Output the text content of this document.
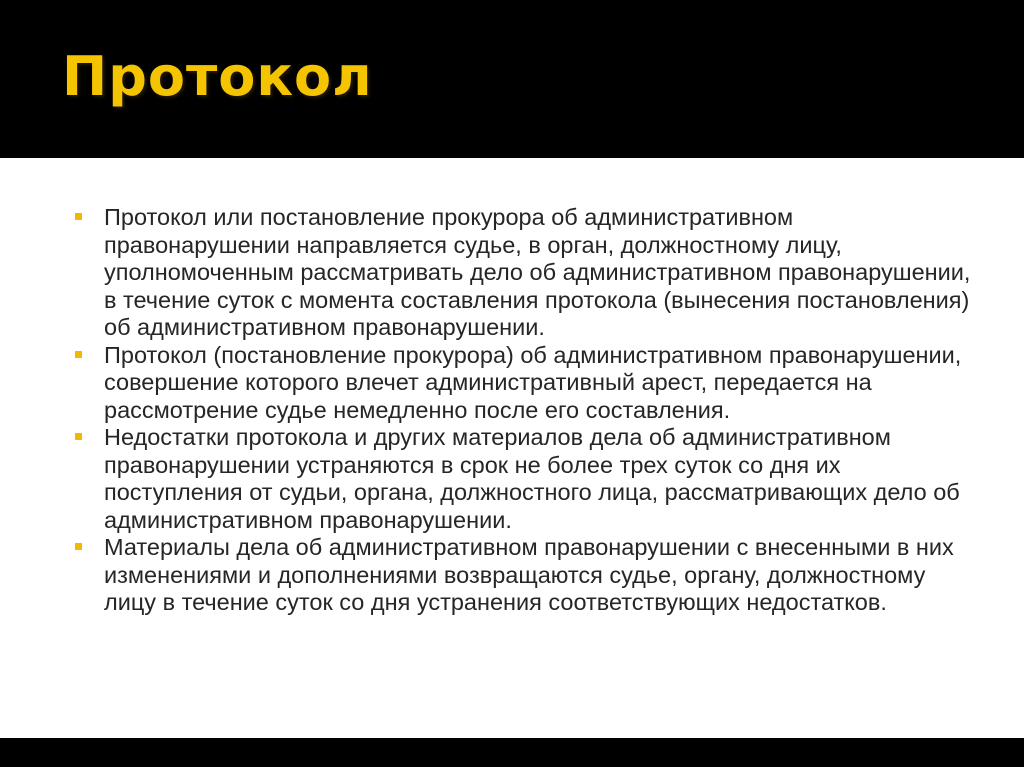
Протокол
Протокол или постановление прокурора об административном правонарушении направляется судье, в орган, должностному лицу, уполномоченным рассматривать дело об административном правонарушении, в течение суток с момента составления протокола (вынесения постановления) об административном правонарушении.
Протокол (постановление прокурора) об административном правонарушении, совершение которого влечет административный арест, передается на рассмотрение судье немедленно после его составления.
Недостатки протокола и других материалов дела об административном правонарушении устраняются в срок не более трех суток со дня их поступления от судьи, органа, должностного лица, рассматривающих дело об административном правонарушении.
Материалы дела об административном правонарушении с внесенными в них изменениями и дополнениями возвращаются судье, органу, должностному лицу в течение суток со дня устранения соответствующих недостатков.
